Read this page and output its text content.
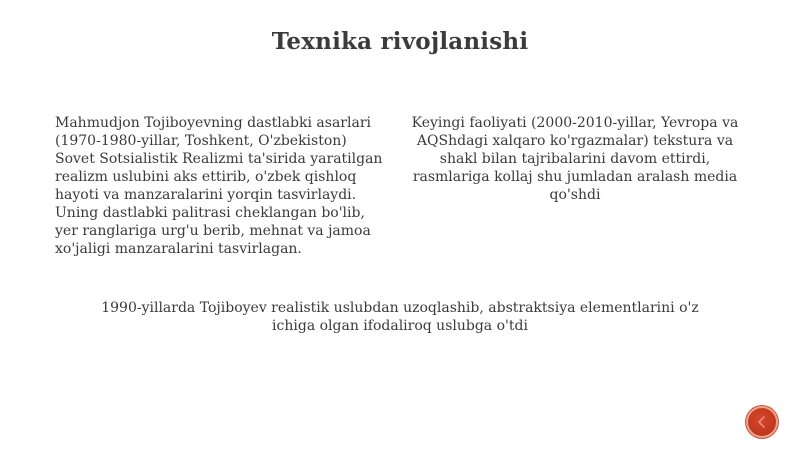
Texnika rivojlanishi
Mahmudjon Tojiboyevning dastlabki asarlari (1970-1980-yillar, Toshkent, O'zbekiston) Sovet Sotsialistik Realizmi ta'sirida yaratilgan realizm uslubini aks ettirib, o'zbek qishloq hayoti va manzaralarini yorqin tasvirlaydi. Uning dastlabki palitrasi cheklangan bo'lib, yer ranglariga urg'u berib, mehnat va jamoa xo'jaligi manzaralarini tasvirlagan.
Keyingi faoliyati (2000-2010-yillar, Yevropa va AQShdagi xalqaro ko'rgazmalar) tekstura va shakl bilan tajribalarini davom ettirdi, rasmlariga kollaj shu jumladan aralash media qo'shdi
1990-yillarda Tojiboyev realistik uslubdan uzoqlashib, abstraktsiya elementlarini o'z ichiga olgan ifodaliroq uslubga o'tdi
